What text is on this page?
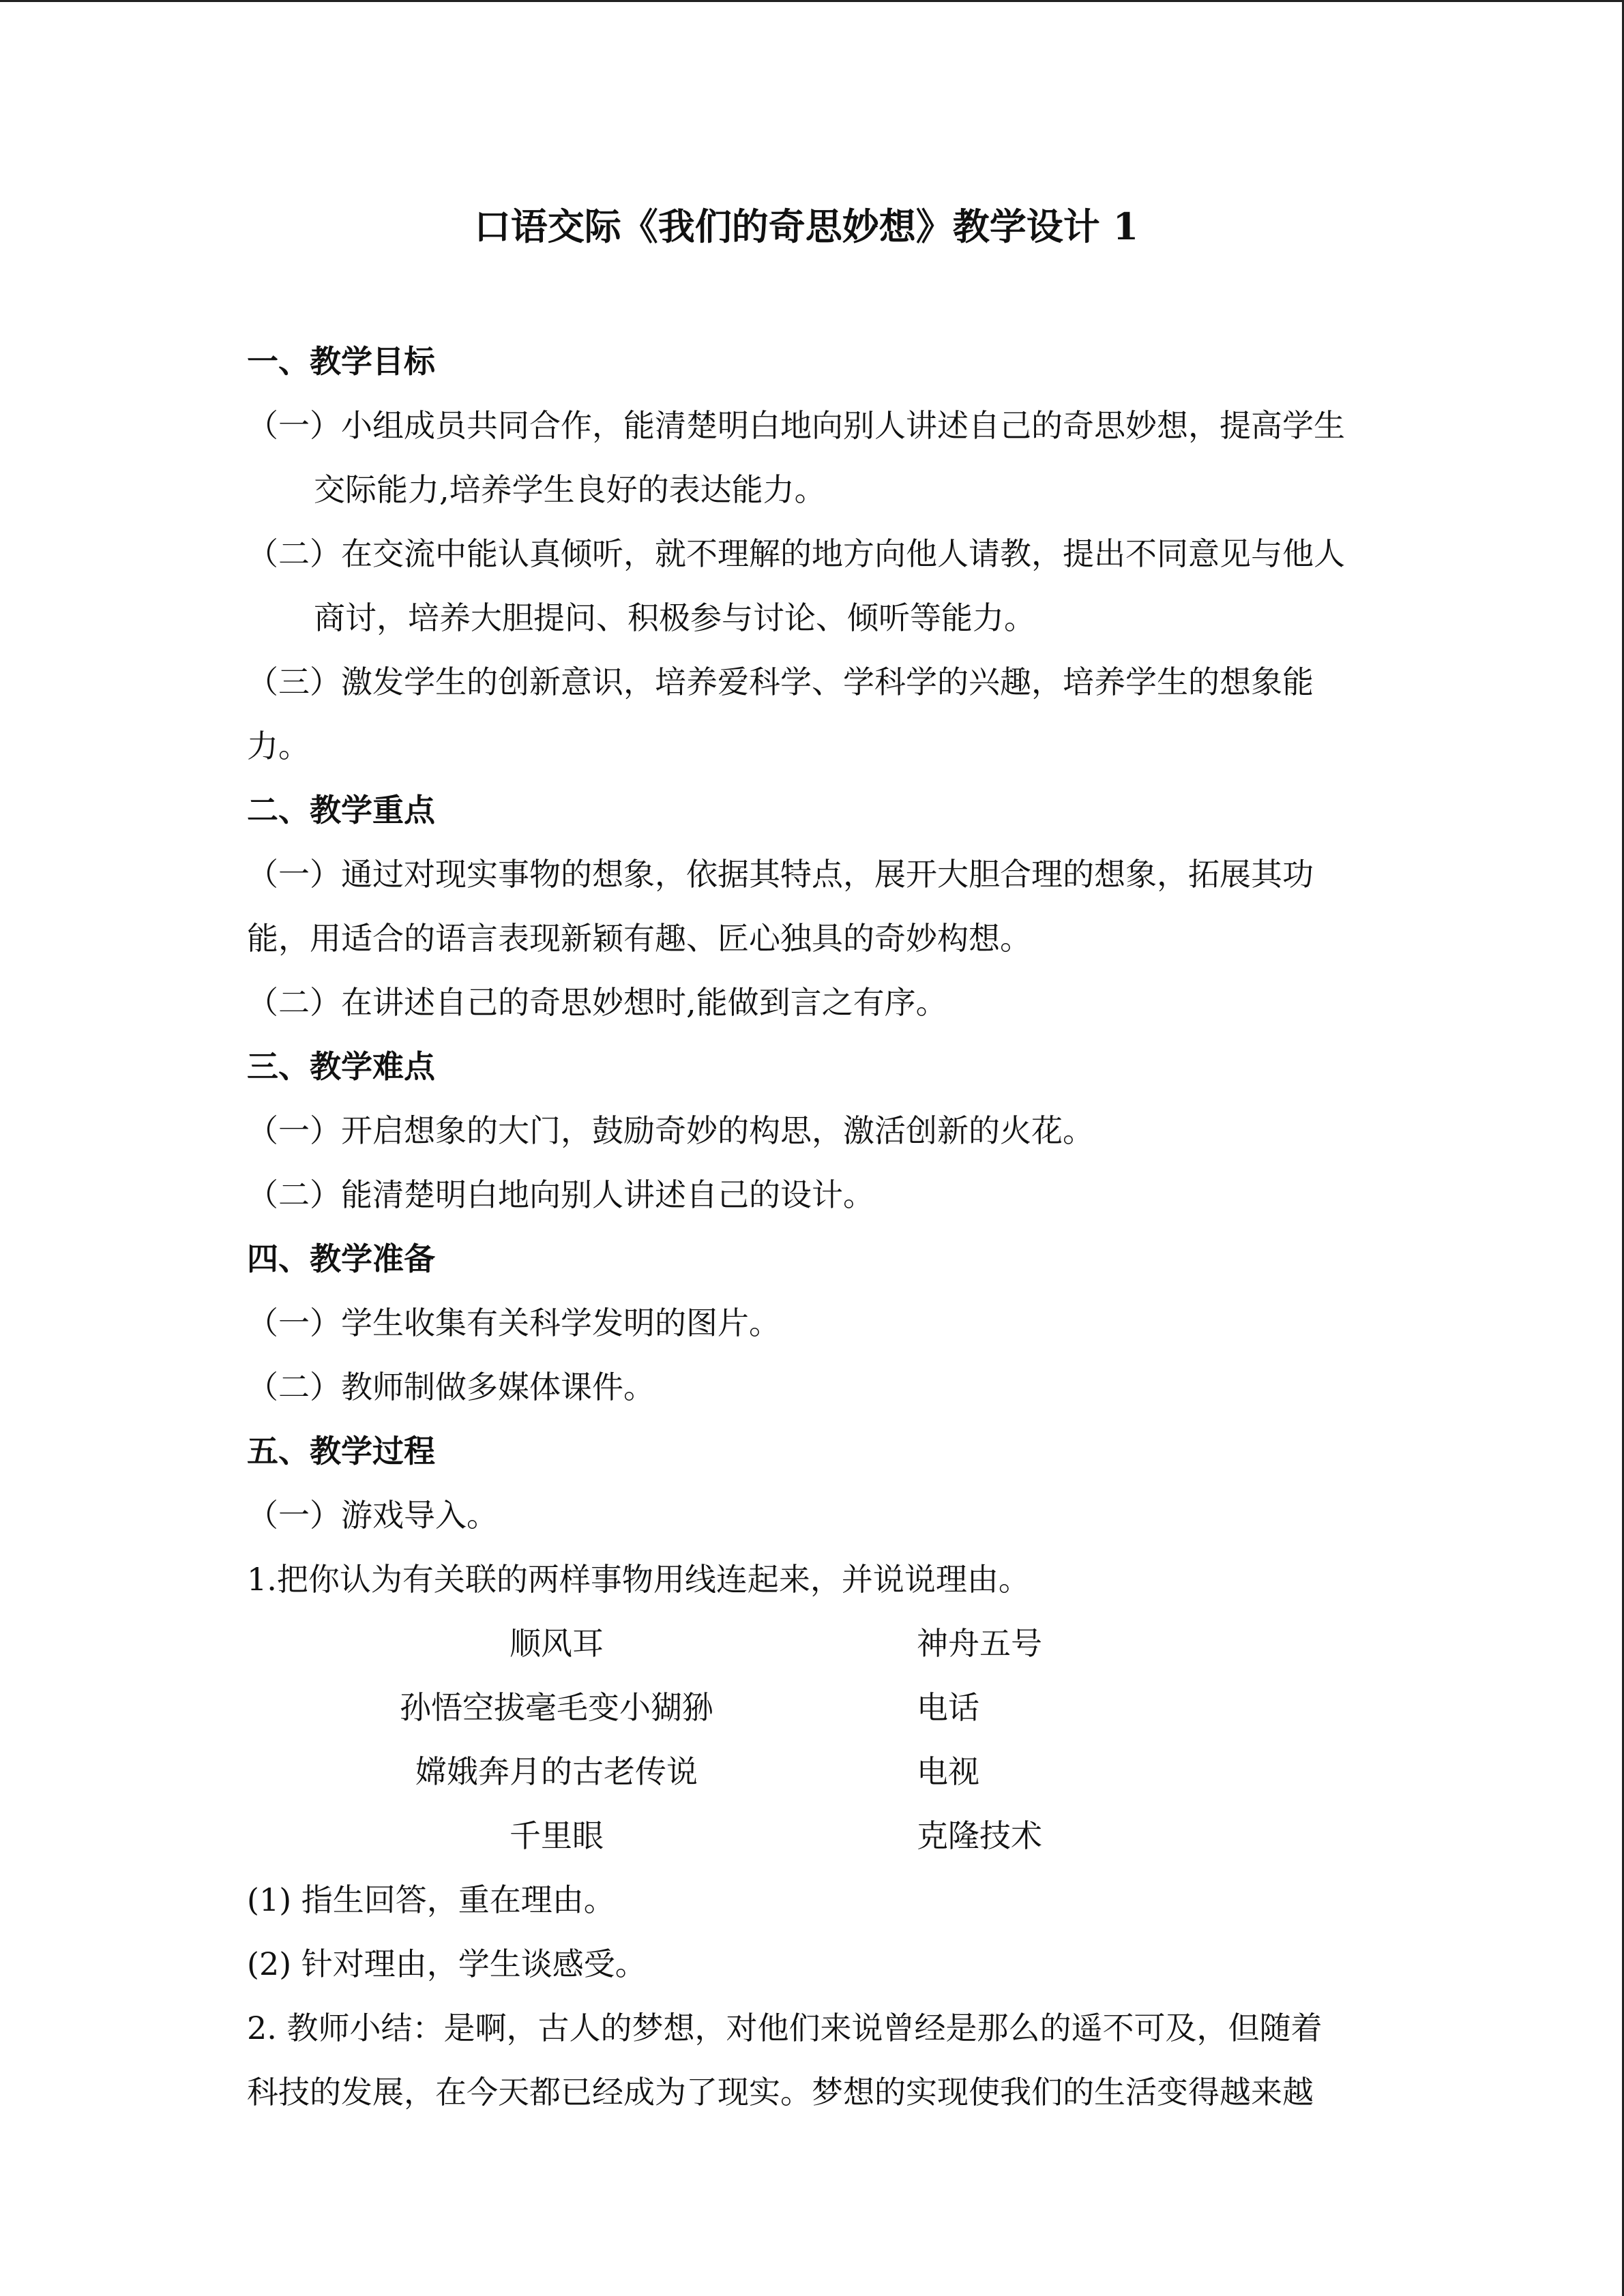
口语交际《我们的奇思妙想》教学设计 1
一、教学目标
（一）小组成员共同合作，能清楚明白地向别人讲述自己的奇思妙想，提高学生交际能力,培养学生良好的表达能力。
（二）在交流中能认真倾听，就不理解的地方向他人请教，提出不同意见与他人商讨，培养大胆提问、积极参与讨论、倾听等能力。
（三）激发学生的创新意识，培养爱科学、学科学的兴趣，培养学生的想象能
力。
二、教学重点
（一）通过对现实事物的想象，依据其特点，展开大胆合理的想象，拓展其功
能，用适合的语言表现新颖有趣、匠心独具的奇妙构想。
（二）在讲述自己的奇思妙想时,能做到言之有序。
三、教学难点
（一）开启想象的大门，鼓励奇妙的构思，激活创新的火花。
（二）能清楚明白地向别人讲述自己的设计。
四、教学准备
（一）学生收集有关科学发明的图片。
（二）教师制做多媒体课件。
五、教学过程
（一）游戏导入。
1.把你认为有关联的两样事物用线连起来，并说说理由。
顺风耳	神舟五号
孙悟空拔毫毛变小猢狲	电话
嫦娥奔月的古老传说	电视
千里眼	克隆技术
(1) 指生回答，重在理由。
(2) 针对理由，学生谈感受。
2. 教师小结：是啊，古人的梦想，对他们来说曾经是那么的遥不可及，但随着
科技的发展，在今天都已经成为了现实。梦想的实现使我们的生活变得越来越
